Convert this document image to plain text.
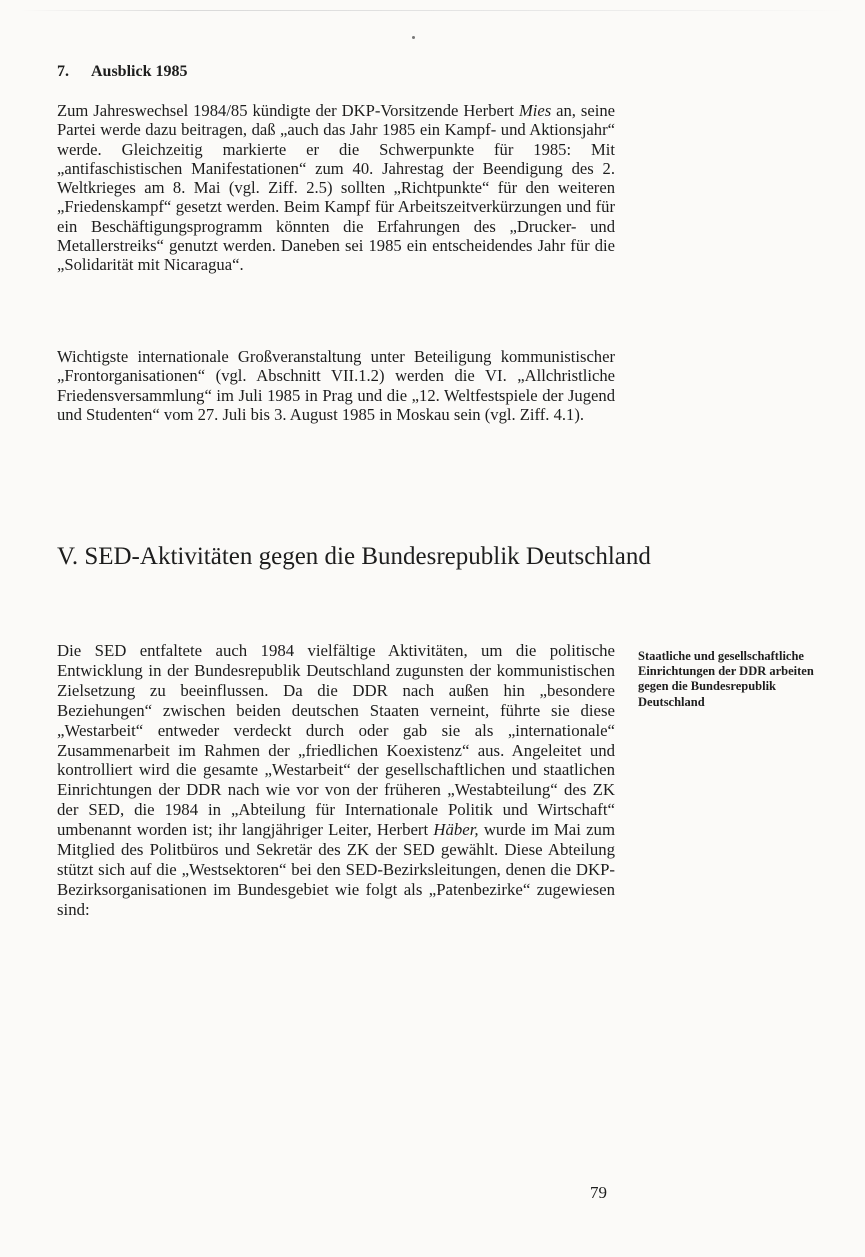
7. Ausblick 1985

Zum Jahreswechsel 1984/85 kündigte der DKP-Vorsitzende Herbert Mies an, seine Partei werde dazu beitragen, daß „auch das Jahr 1985 ein Kampf- und Aktionsjahr“ werde. Gleichzeitig markierte er die Schwerpunkte für 1985: Mit „antifaschistischen Manifestationen“ zum 40. Jahrestag der Beendigung des 2. Weltkrieges am 8. Mai (vgl. Ziff. 2.5) sollten „Richtpunkte“ für den weiteren „Friedenskampf“ gesetzt werden. Beim Kampf für Arbeitszeitverkürzungen und für ein Beschäftigungsprogramm könnten die Erfahrungen des „Drucker- und Metallerstreiks“ genutzt werden. Daneben sei 1985 ein entscheidendes Jahr für die „Solidarität mit Nicaragua“.

Wichtigste internationale Großveranstaltung unter Beteiligung kommunistischer „Frontorganisationen“ (vgl. Abschnitt VII.1.2) werden die VI. „Allchristliche Friedensversammlung“ im Juli 1985 in Prag und die „12. Weltfestspiele der Jugend und Studenten“ vom 27. Juli bis 3. August 1985 in Moskau sein (vgl. Ziff. 4.1).

V. SED-Aktivitäten gegen die Bundesrepublik Deutschland

Die SED entfaltete auch 1984 vielfältige Aktivitäten, um die politische Entwicklung in der Bundesrepublik Deutschland zugunsten der kommunistischen Zielsetzung zu beeinflussen. Da die DDR nach außen hin „besondere Beziehungen“ zwischen beiden deutschen Staaten verneint, führte sie diese „Westarbeit“ entweder verdeckt durch oder gab sie als „internationale“ Zusammenarbeit im Rahmen der „friedlichen Koexistenz“ aus. Angeleitet und kontrolliert wird die gesamte „Westarbeit“ der gesellschaftlichen und staatlichen Einrichtungen der DDR nach wie vor von der früheren „Westabteilung“ des ZK der SED, die 1984 in „Abteilung für Internationale Politik und Wirtschaft“ umbenannt worden ist; ihr langjähriger Leiter, Herbert Häber, wurde im Mai zum Mitglied des Politbüros und Sekretär des ZK der SED gewählt. Diese Abteilung stützt sich auf die „Westsektoren“ bei den SED-Bezirksleitungen, denen die DKP-Bezirksorganisationen im Bundesgebiet wie folgt als „Patenbezirke“ zugewiesen sind:

Staatliche und gesellschaftliche Einrichtungen der DDR arbeiten gegen die Bundesrepublik Deutschland

79
